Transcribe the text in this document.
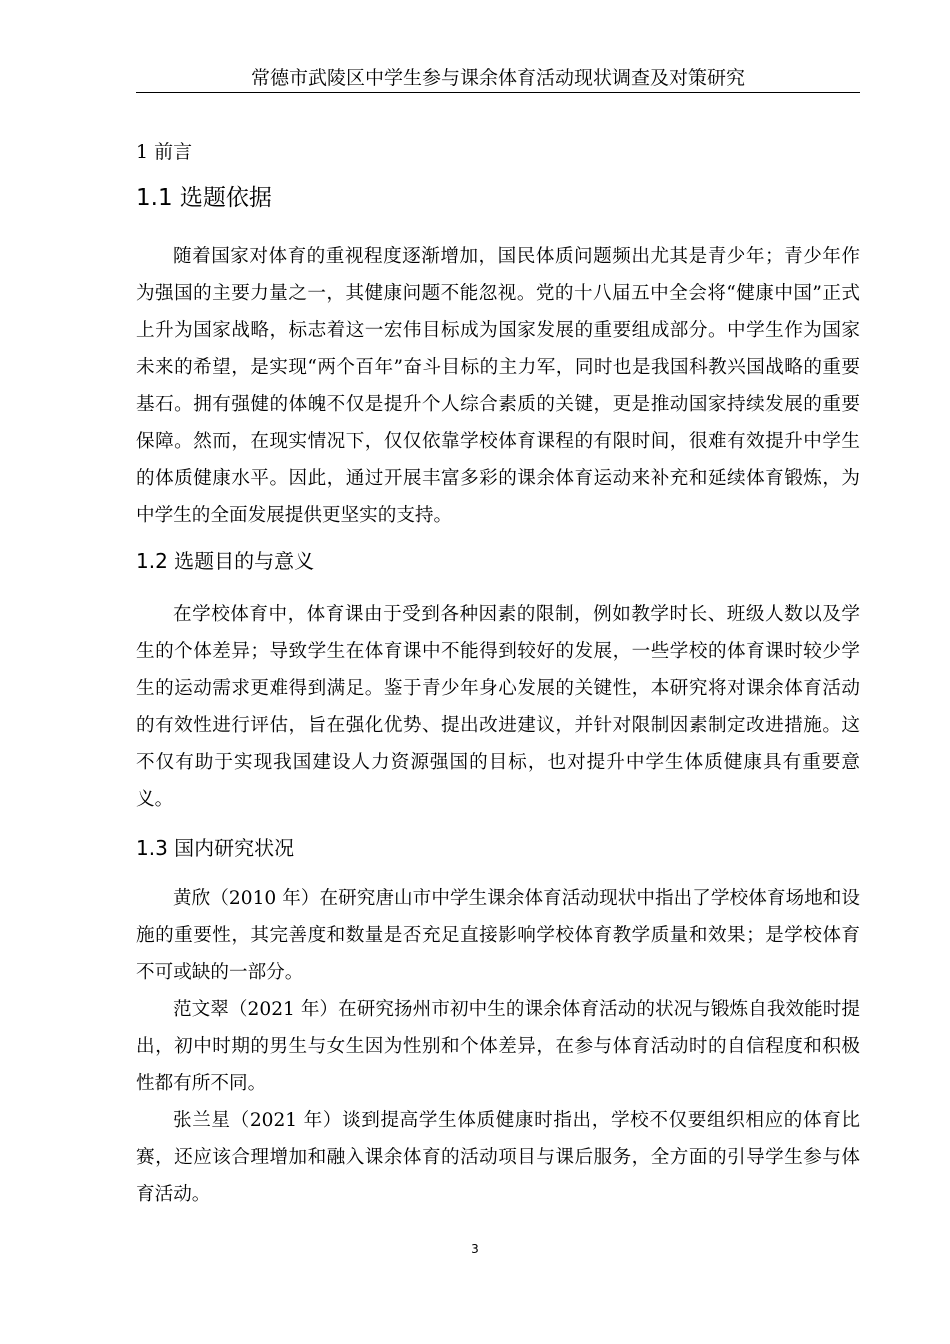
常德市武陵区中学生参与课余体育活动现状调查及对策研究
1 前言
1.1 选题依据

随着国家对体育的重视程度逐渐增加，国民体质问题频出尤其是青少年；青少年作为强国的主要力量之一，其健康问题不能忽视。党的十八届五中全会将“健康中国”正式上升为国家战略，标志着这一宏伟目标成为国家发展的重要组成部分。中学生作为国家未来的希望，是实现“两个百年”奋斗目标的主力军，同时也是我国科教兴国战略的重要基石。拥有强健的体魄不仅是提升个人综合素质的关键，更是推动国家持续发展的重要保障。然而，在现实情况下，仅仅依靠学校体育课程的有限时间，很难有效提升中学生的体质健康水平。因此，通过开展丰富多彩的课余体育运动来补充和延续体育锻炼，为中学生的全面发展提供更坚实的支持。

1.2 选题目的与意义

在学校体育中，体育课由于受到各种因素的限制，例如教学时长、班级人数以及学生的个体差异；导致学生在体育课中不能得到较好的发展，一些学校的体育课时较少学生的运动需求更难得到满足。鉴于青少年身心发展的关键性，本研究将对课余体育活动的有效性进行评估，旨在强化优势、提出改进建议，并针对限制因素制定改进措施。这不仅有助于实现我国建设人力资源强国的目标，也对提升中学生体质健康具有重要意义。

1.3 国内研究状况

黄欣（2010 年）在研究唐山市中学生课余体育活动现状中指出了学校体育场地和设施的重要性，其完善度和数量是否充足直接影响学校体育教学质量和效果；是学校体育不可或缺的一部分。

范文翠（2021 年）在研究扬州市初中生的课余体育活动的状况与锻炼自我效能时提出，初中时期的男生与女生因为性别和个体差异，在参与体育活动时的自信程度和积极性都有所不同。

张兰星（2021 年）谈到提高学生体质健康时指出，学校不仅要组织相应的体育比赛，还应该合理增加和融入课余体育的活动项目与课后服务，全方面的引导学生参与体育活动。

3
